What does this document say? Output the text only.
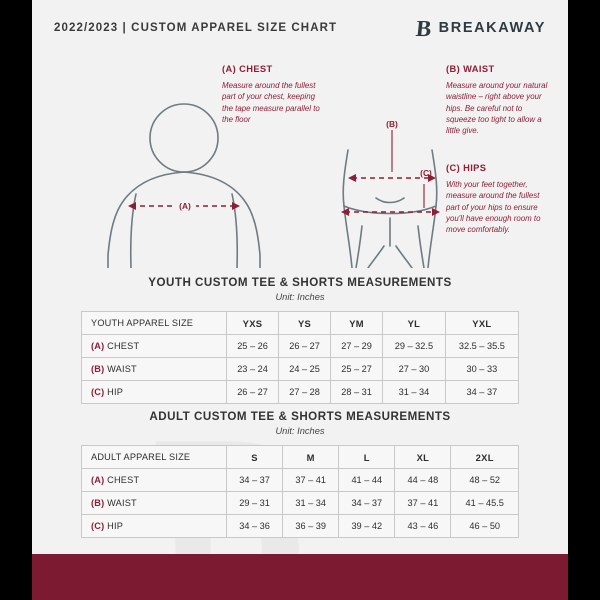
2022/2023 | CUSTOM APPAREL SIZE CHART	B BREAKAWAY
(A)
(B)
(C)
(A) CHEST
Measure around the fullest part of your chest, keeping the tape measure parallel to the floor
(B) WAIST
Measure around your natural waistline – right above your hips. Be careful not to squeeze too tight to allow a little give.
(C) HIPS
With your feet together, measure around the fullest part of your hips to ensure you'll have enough room to move comfortably.
YOUTH CUSTOM TEE & SHORTS MEASUREMENTS
Unit: Inches
YOUTH APPAREL SIZE	YXS	YS	YM	YL	YXL
(A) CHEST	25 – 26	26 – 27	27 – 29	29 – 32.5	32.5 – 35.5
(B) WAIST	23 – 24	24 – 25	25 – 27	27 – 30	30 – 33
(C) HIP	26 – 27	27 – 28	28 – 31	31 – 34	34 – 37
ADULT CUSTOM TEE & SHORTS MEASUREMENTS
Unit: Inches
ADULT APPAREL SIZE	S	M	L	XL	2XL
(A) CHEST	34 – 37	37 – 41	41 – 44	44 – 48	48 – 52
(B) WAIST	29 – 31	31 – 34	34 – 37	37 – 41	41 – 45.5
(C) HIP	34 – 36	36 – 39	39 – 42	43 – 46	46 – 50
